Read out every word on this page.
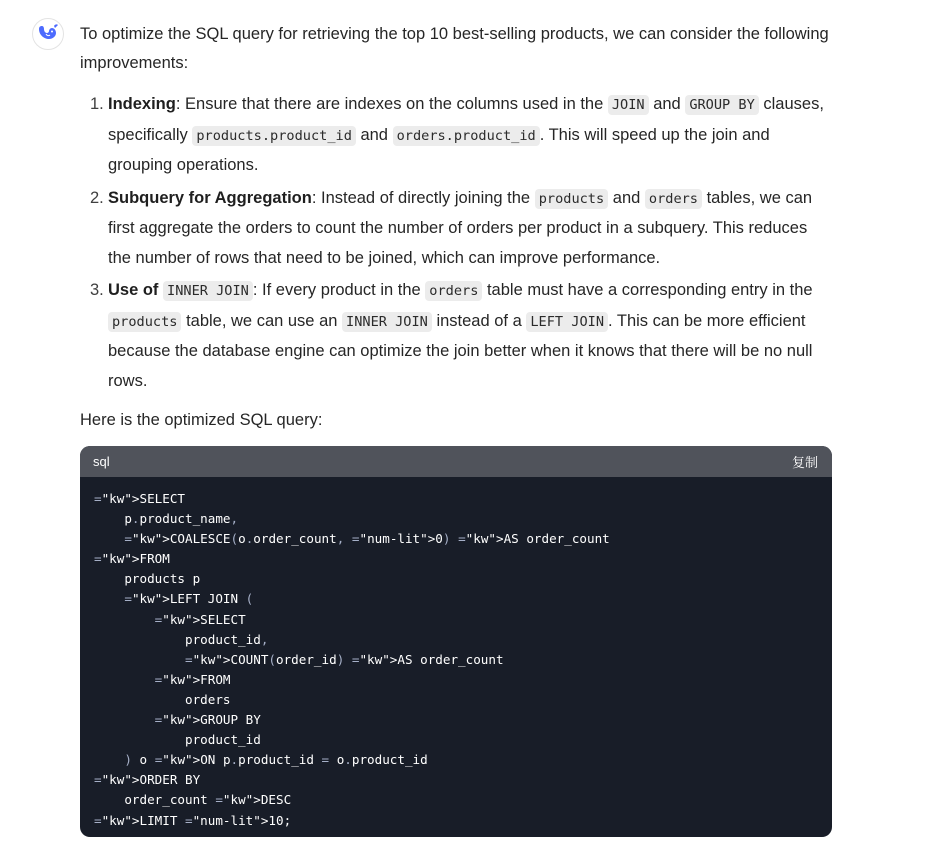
To optimize the SQL query for retrieving the top 10 best-selling products, we can consider the following improvements:

1. Indexing: Ensure that there are indexes on the columns used in the JOIN and GROUP BY clauses, specifically products.product_id and orders.product_id . This will speed up the join and grouping operations.
2. Subquery for Aggregation: Instead of directly joining the products and orders tables, we can first aggregate the orders to count the number of orders per product in a subquery. This reduces the number of rows that need to be joined, which can improve performance.
3. Use of INNER JOIN : If every product in the orders table must have a corresponding entry in the products table, we can use an INNER JOIN instead of a LEFT JOIN . This can be more efficient because the database engine can optimize the join better when it knows that there will be no null rows.

Here is the optimized SQL query:

sql	复制
="kw">SELECT
p.product_name,
="kw">COALESCE(o.order_count, ="num-lit">0) ="kw">AS order_count
="kw">FROM
products p
="kw">LEFT JOIN (
="kw">SELECT
product_id,
="kw">COUNT(order_id) ="kw">AS order_count
="kw">FROM
orders
="kw">GROUP BY
product_id
) o ="kw">ON p.product_id = o.product_id
="kw">ORDER BY
order_count ="kw">DESC
="kw">LIMIT ="num-lit">10;
